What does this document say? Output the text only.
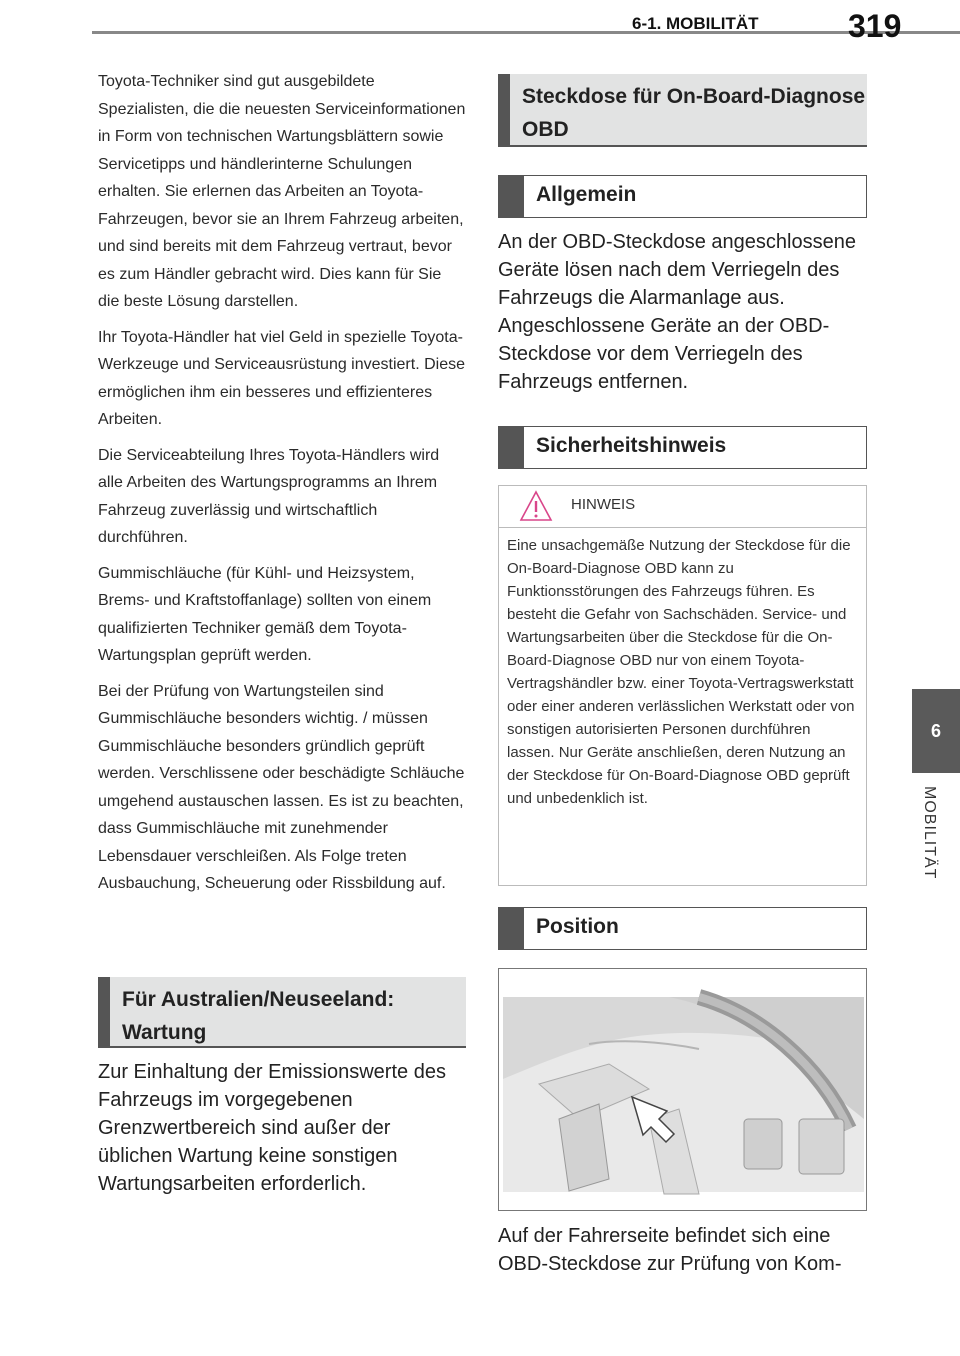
6-1. MOBILITÄT	319
6
MOBILITÄT

Toyota-Techniker sind gut ausgebildete Spezialisten, die die neuesten Serviceinformationen in Form von technischen Wartungsblättern sowie Servicetipps und händlerinterne Schulungen erhalten. Sie erlernen das Arbeiten an Toyota-Fahrzeugen, bevor sie an Ihrem Fahrzeug arbeiten, und sind bereits mit dem Fahrzeug vertraut, bevor es zum Händler gebracht wird. Dies kann für Sie die beste Lösung darstellen.

Ihr Toyota-Händler hat viel Geld in spezielle Toyota-Werkzeuge und Serviceausrüstung investiert. Diese ermöglichen ihm ein besseres und effizienteres Arbeiten.

Die Serviceabteilung Ihres Toyota-Händlers wird alle Arbeiten des Wartungsprogramms an Ihrem Fahrzeug zuverlässig und wirtschaftlich durchführen.

Gummischläuche (für Kühl- und Heizsystem, Brems- und Kraftstoffanlage) sollten von einem qualifizierten Techniker gemäß dem Toyota-Wartungsplan geprüft werden.

Bei der Prüfung von Wartungsteilen sind Gummischläuche besonders wichtig. / müssen Gummischläuche besonders gründlich geprüft werden. Verschlissene oder beschädigte Schläuche umgehend austauschen lassen. Es ist zu beachten, dass Gummischläuche mit zunehmender Lebensdauer verschleißen. Als Folge treten Ausbauchung, Scheuerung oder Rissbildung auf.

Für Australien/Neuseeland: Wartung

Zur Einhaltung der Emissionswerte des Fahrzeugs im vorgegebenen Grenzwertbereich sind außer der üblichen Wartung keine sonstigen Wartungsarbeiten erforderlich.

Steckdose für On-Board-Diagnose OBD
Allgemein

An der OBD-Steckdose angeschlossene Geräte lösen nach dem Verriegeln des Fahrzeugs die Alarmanlage aus. Angeschlossene Geräte an der OBD-Steckdose vor dem Verriegeln des Fahrzeugs entfernen.

Sicherheitshinweis
HINWEIS
Eine unsachgemäße Nutzung der Steckdose für die On-Board-Diagnose OBD kann zu Funktionsstörungen des Fahrzeugs führen. Es besteht die Gefahr von Sachschäden. Service- und Wartungsarbeiten über die Steckdose für die On-Board-Diagnose OBD nur von einem Toyota-Vertragshändler bzw. einer Toyota-Vertragswerkstatt oder einer anderen verlässlichen Werkstatt oder von sonstigen autorisierten Personen durchführen lassen. Nur Geräte anschließen, deren Nutzung an der Steckdose für On-Board-Diagnose OBD geprüft und unbedenklich ist.
Position

Auf der Fahrerseite befindet sich eine OBD-Steckdose zur Prüfung von Kom-
